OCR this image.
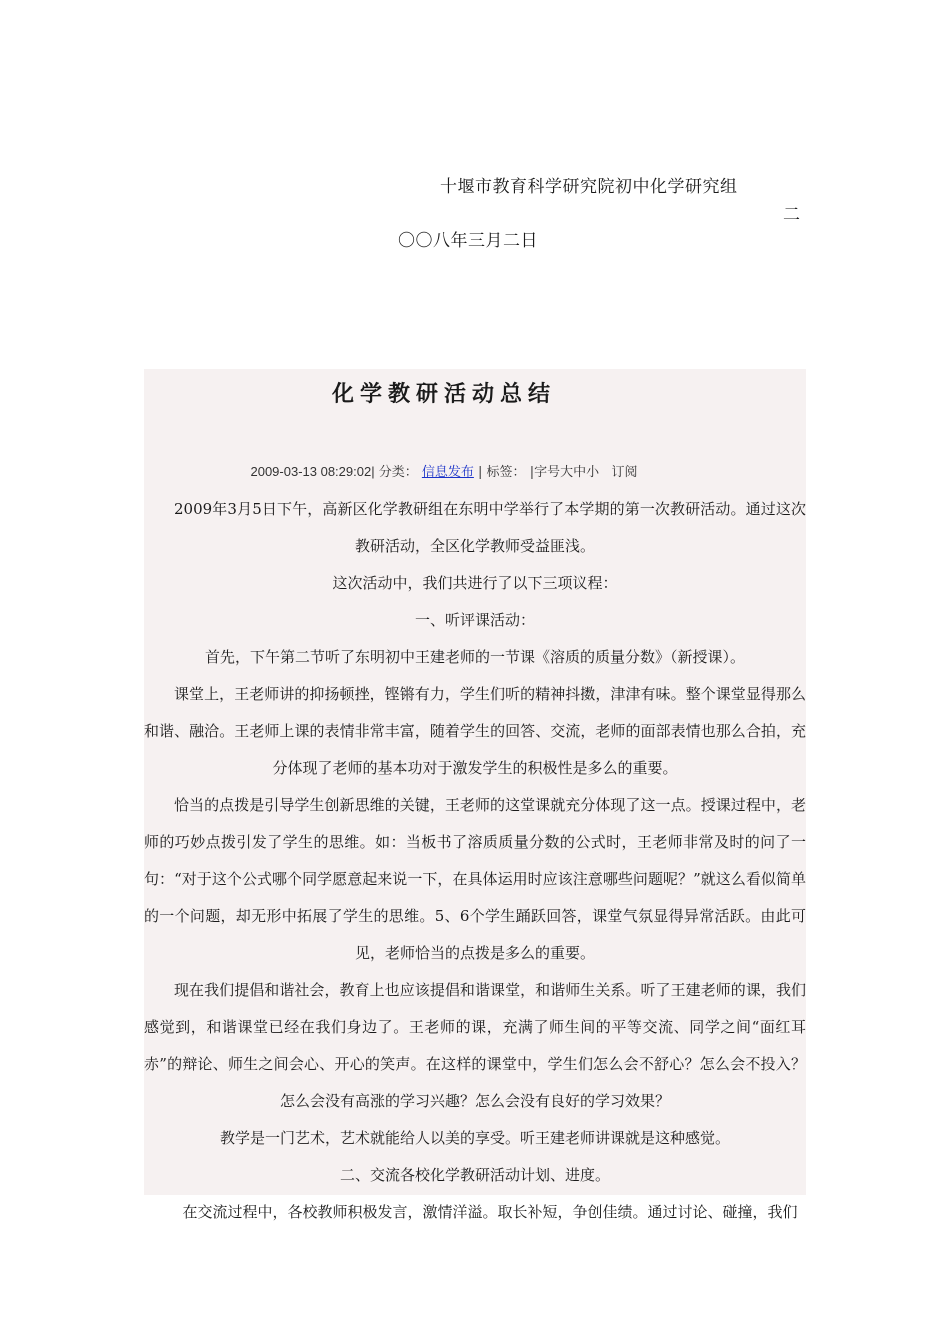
十堰市教育科学研究院初中化学研究组
二
〇〇八年三月二日
化学教研活动总结
2009-03-13 08:29:02| 分类： 信息发布 | 标签： |字号大中小 订阅

2009年3月5日下午，高新区化学教研组在东明中学举行了本学期的第一次教研活动。通过这次教研活动，全区化学教师受益匪浅。

这次活动中，我们共进行了以下三项议程：

一、听评课活动：

首先，下午第二节听了东明初中王建老师的一节课《溶质的质量分数》（新授课）。

课堂上，王老师讲的抑扬顿挫，铿锵有力，学生们听的精神抖擞，津津有味。整个课堂显得那么和谐、融洽。王老师上课的表情非常丰富，随着学生的回答、交流，老师的面部表情也那么合拍，充分体现了老师的基本功对于激发学生的积极性是多么的重要。

恰当的点拨是引导学生创新思维的关键，王老师的这堂课就充分体现了这一点。授课过程中，老师的巧妙点拨引发了学生的思维。如：当板书了溶质质量分数的公式时，王老师非常及时的问了一句：“对于这个公式哪个同学愿意起来说一下，在具体运用时应该注意哪些问题呢？”就这么看似简单的一个问题，却无形中拓展了学生的思维。5、6个学生踊跃回答，课堂气氛显得异常活跃。由此可见，老师恰当的点拨是多么的重要。

现在我们提倡和谐社会，教育上也应该提倡和谐课堂，和谐师生关系。听了王建老师的课，我们感觉到，和谐课堂已经在我们身边了。王老师的课，充满了师生间的平等交流、同学之间“面红耳赤”的辩论、师生之间会心、开心的笑声。在这样的课堂中，学生们怎么会不舒心？怎么会不投入？怎么会没有高涨的学习兴趣？怎么会没有良好的学习效果？

教学是一门艺术，艺术就能给人以美的享受。听王建老师讲课就是这种感觉。

二、交流各校化学教研活动计划、进度。

在交流过程中，各校教师积极发言，激情洋溢。取长补短，争创佳绩。通过讨论、碰撞，我们
